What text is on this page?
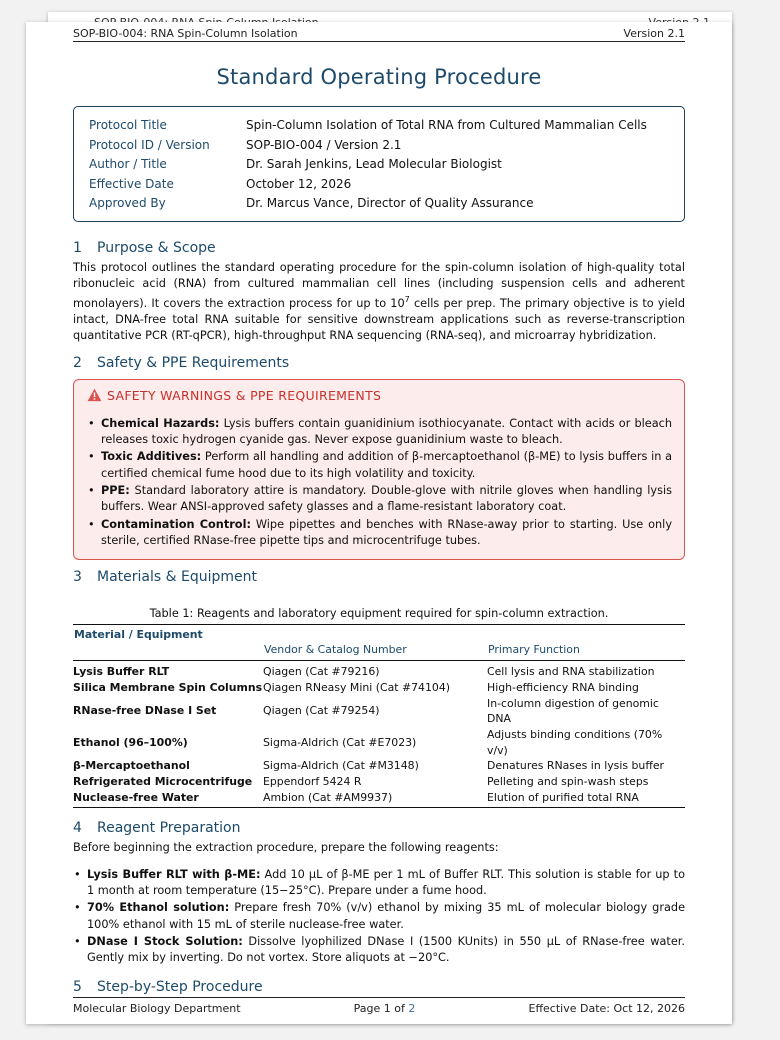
SOP-BIO-004: RNA Spin-Column Isolation	Version 2.1
Standard Operating Procedure
Protocol Title	Spin-Column Isolation of Total RNA from Cultured Mammalian Cells
Protocol ID / Version	SOP-BIO-004 / Version 2.1
Author / Title	Dr. Sarah Jenkins, Lead Molecular Biologist
Effective Date	October 12, 2026
Approved By	Dr. Marcus Vance, Director of Quality Assurance
1	Purpose & Scope

This protocol outlines the standard operating procedure for the spin-column isolation of high-quality total ribonucleic acid (RNA) from cultured mammalian cell lines (including suspension cells and adherent monolayers). It covers the extraction process for up to $10^7$ cells per prep. The primary objective is to yield intact, DNA-free total RNA suitable for sensitive downstream applications such as reverse-transcription quantitative PCR (RT-qPCR), high-throughput RNA sequencing (RNA-seq), and microarray hybridization.

2	Safety & PPE Requirements
SAFETY WARNINGS & PPE REQUIREMENTS
• Chemical Hazards: Lysis buffers contain guanidinium isothiocyanate. Contact with acids or bleach releases toxic hydrogen cyanide gas. Never expose guanidinium waste to bleach.
• Toxic Additives: Perform all handling and addition of β-mercaptoethanol (β-ME) to lysis buffers in a certified chemical fume hood due to its high volatility and toxicity.
• PPE: Standard laboratory attire is mandatory. Double-glove with nitrile gloves when handling lysis buffers. Wear ANSI-approved safety glasses and a flame-resistant laboratory coat.
• Contamination Control: Wipe pipettes and benches with RNase-away prior to starting. Use only sterile, certified RNase-free pipette tips and microcentrifuge tubes.
3	Materials & Equipment
Table 1: Reagents and laboratory equipment required for spin-column extraction.
Material / Equipment		
	Vendor & Catalog Number	Primary Function
Lysis Buffer RLT	Qiagen (Cat #79216)	Cell lysis and RNA stabilization
Silica Membrane Spin Columns	Qiagen RNeasy Mini (Cat #74104)	High-efficiency RNA binding
RNase-free DNase I Set	Qiagen (Cat #79254)	In-column digestion of genomic DNA
Ethanol (96–100%)	Sigma-Aldrich (Cat #E7023)	Adjusts binding conditions (70% v/v)
β-Mercaptoethanol	Sigma-Aldrich (Cat #M3148)	Denatures RNases in lysis buffer
Refrigerated Microcentrifuge	Eppendorf 5424 R	Pelleting and spin-wash steps
Nuclease-free Water	Ambion (Cat #AM9937)	Elution of purified total RNA
4	Reagent Preparation

Before beginning the extraction procedure, prepare the following reagents:

• Lysis Buffer RLT with β-ME: Add 10 μL of β-ME per 1 mL of Buffer RLT. This solution is stable for up to 1 month at room temperature (15−25°C). Prepare under a fume hood.
• 70% Ethanol solution: Prepare fresh 70% (v/v) ethanol by mixing 35 mL of molecular biology grade 100% ethanol with 15 mL of sterile nuclease-free water.
• DNase I Stock Solution: Dissolve lyophilized DNase I (1500 KUnits) in 550 μL of RNase-free water. Gently mix by inverting. Do not vortex. Store aliquots at −20°C.
5	Step-by-Step Procedure
Molecular Biology Department	Page 1 of 2	Effective Date: Oct 12, 2026
